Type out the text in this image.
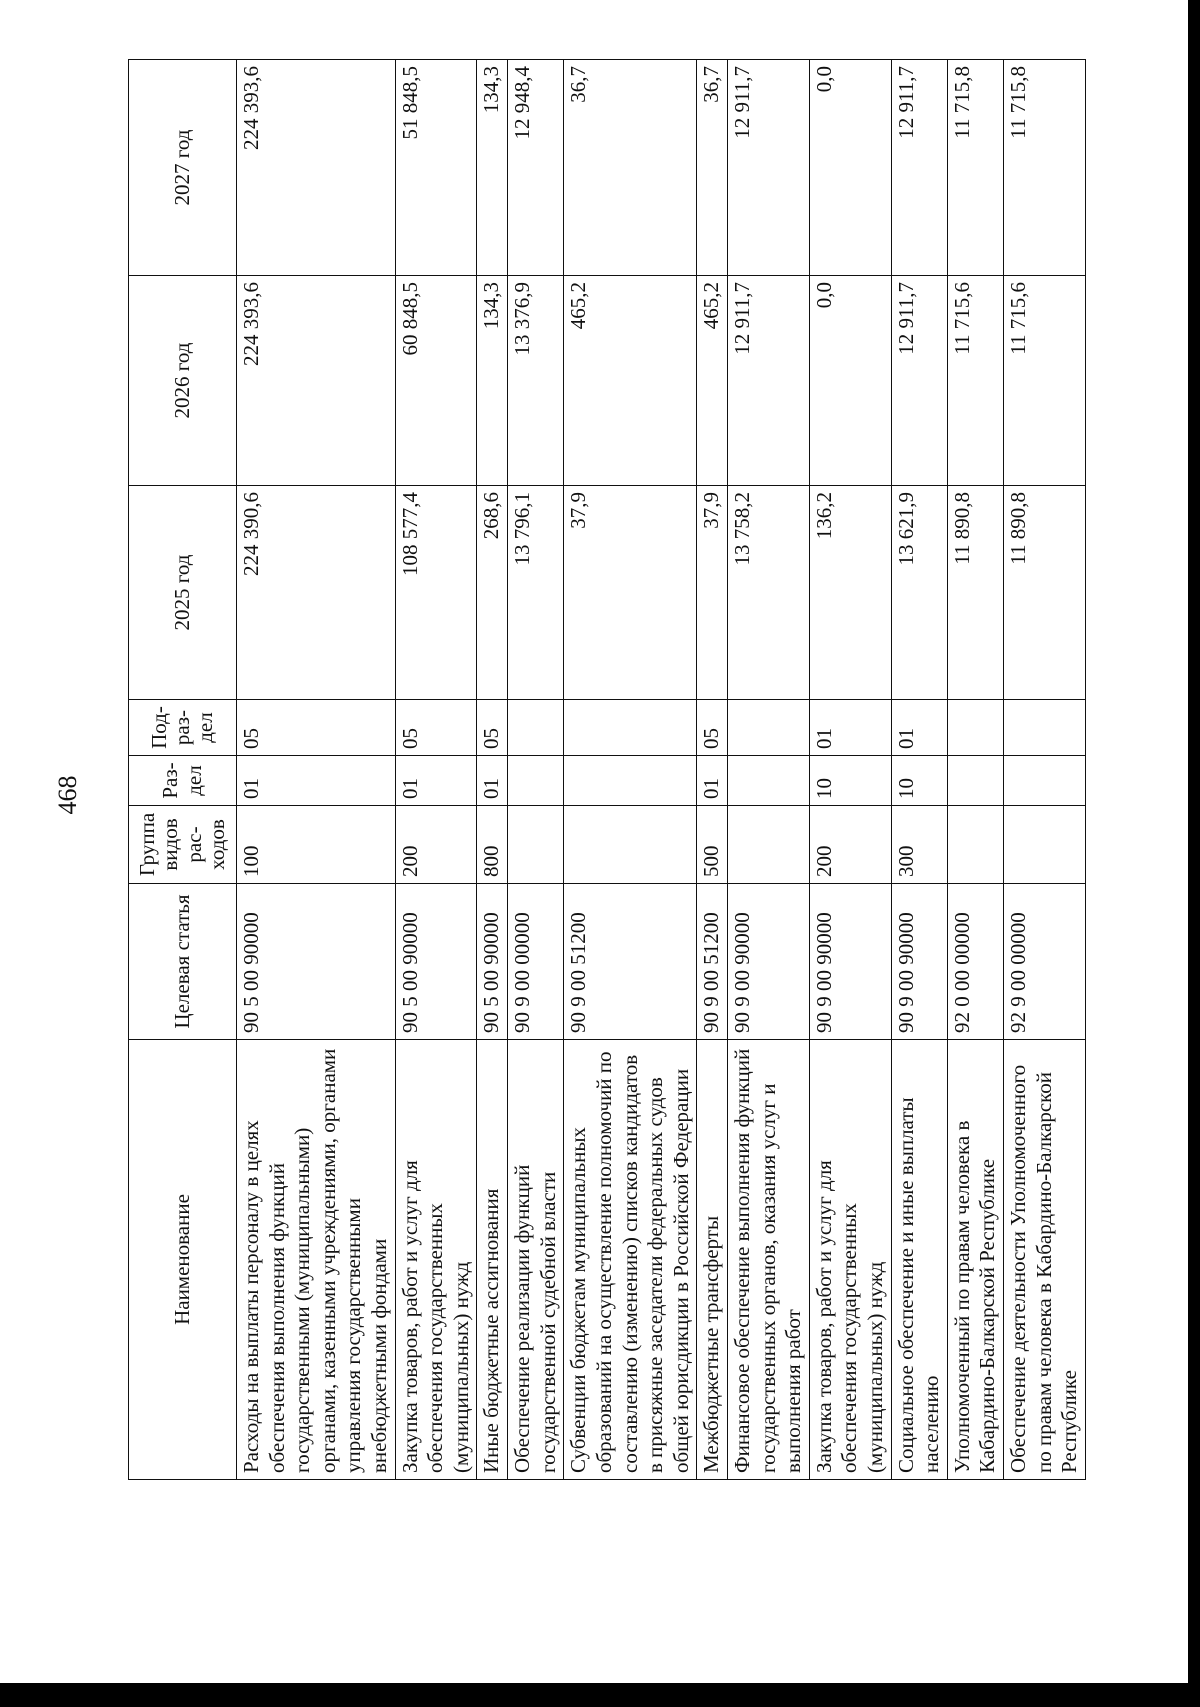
468
Наименование	Целевая статья	Группа видов рас- ходов	Раз- дел	Под- раз- дел	2025 год	2026 год	2027 год
Расходы на выплаты персоналу в целях обеспечения выполнения функций государственными (муниципальными) органами, казенными учреждениями, органами управления государственными внебюджетными фондами	90 5 00 90000	100	01	05	224 390,6	224 393,6	224 393,6
Закупка товаров, работ и услуг для обеспечения государственных (муниципальных) нужд	90 5 00 90000	200	01	05	108 577,4	60 848,5	51 848,5
Иные бюджетные ассигнования	90 5 00 90000	800	01	05	268,6	134,3	134,3
Обеспечение реализации функций государственной судебной власти	90 9 00 00000				13 796,1	13 376,9	12 948,4
Субвенции бюджетам муниципальных образований на осуществление полномочий по составлению (изменению) списков кандидатов в присяжные заседатели федеральных судов общей юрисдикции в Российской Федерации	90 9 00 51200				37,9	465,2	36,7
Межбюджетные трансферты	90 9 00 51200	500	01	05	37,9	465,2	36,7
Финансовое обеспечение выполнения функций государственных органов, оказания услуг и выполнения работ	90 9 00 90000				13 758,2	12 911,7	12 911,7
Закупка товаров, работ и услуг для обеспечения государственных (муниципальных) нужд	90 9 00 90000	200	10	01	136,2	0,0	0,0
Социальное обеспечение и иные выплаты населению	90 9 00 90000	300	10	01	13 621,9	12 911,7	12 911,7
Уполномоченный по правам человека в Кабардино-Балкарской Республике	92 0 00 00000				11 890,8	11 715,6	11 715,8
Обеспечение деятельности Уполномоченного по правам человека в Кабардино-Балкарской Республике	92 9 00 00000				11 890,8	11 715,6	11 715,8
